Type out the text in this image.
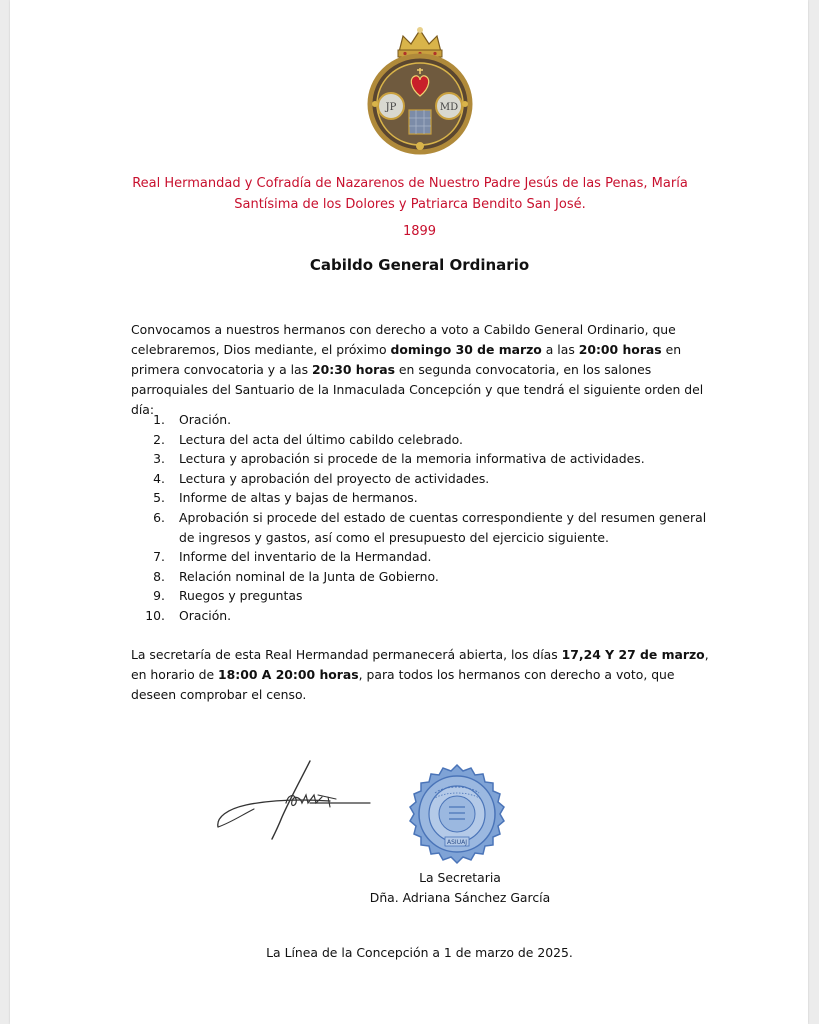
JP	MD
Real Hermandad y Cofradía de Nazarenos de Nuestro Padre Jesús de las Penas, María Santísima de los Dolores y Patriarca Bendito San José.
1899
Cabildo General Ordinario
Convocamos a nuestros hermanos con derecho a voto a Cabildo General Ordinario, que celebraremos, Dios mediante, el próximo domingo 30 de marzo a las 20:00 horas en primera convocatoria y a las 20:30 horas en segunda convocatoria, en los salones parroquiales del Santuario de la Inmaculada Concepción y que tendrá el siguiente orden del día:
1. Oración.
2. Lectura del acta del último cabildo celebrado.
3. Lectura y aprobación si procede de la memoria informativa de actividades.
4. Lectura y aprobación del proyecto de actividades.
5. Informe de altas y bajas de hermanos.
6. Aprobación si procede del estado de cuentas correspondiente y del resumen general de ingresos y gastos, así como el presupuesto del ejercicio siguiente.
7. Informe del inventario de la Hermandad.
8. Relación nominal de la Junta de Gobierno.
9. Ruegos y preguntas
10. Oración.
La secretaría de esta Real Hermandad permanecerá abierta, los días 17,24 Y 27 de marzo, en horario de 18:00 A 20:00 horas, para todos los hermanos con derecho a voto, que deseen comprobar el censo.
ASIUAJ
La Secretaria
Dña. Adriana Sánchez García
La Línea de la Concepción a 1 de marzo de 2025.
